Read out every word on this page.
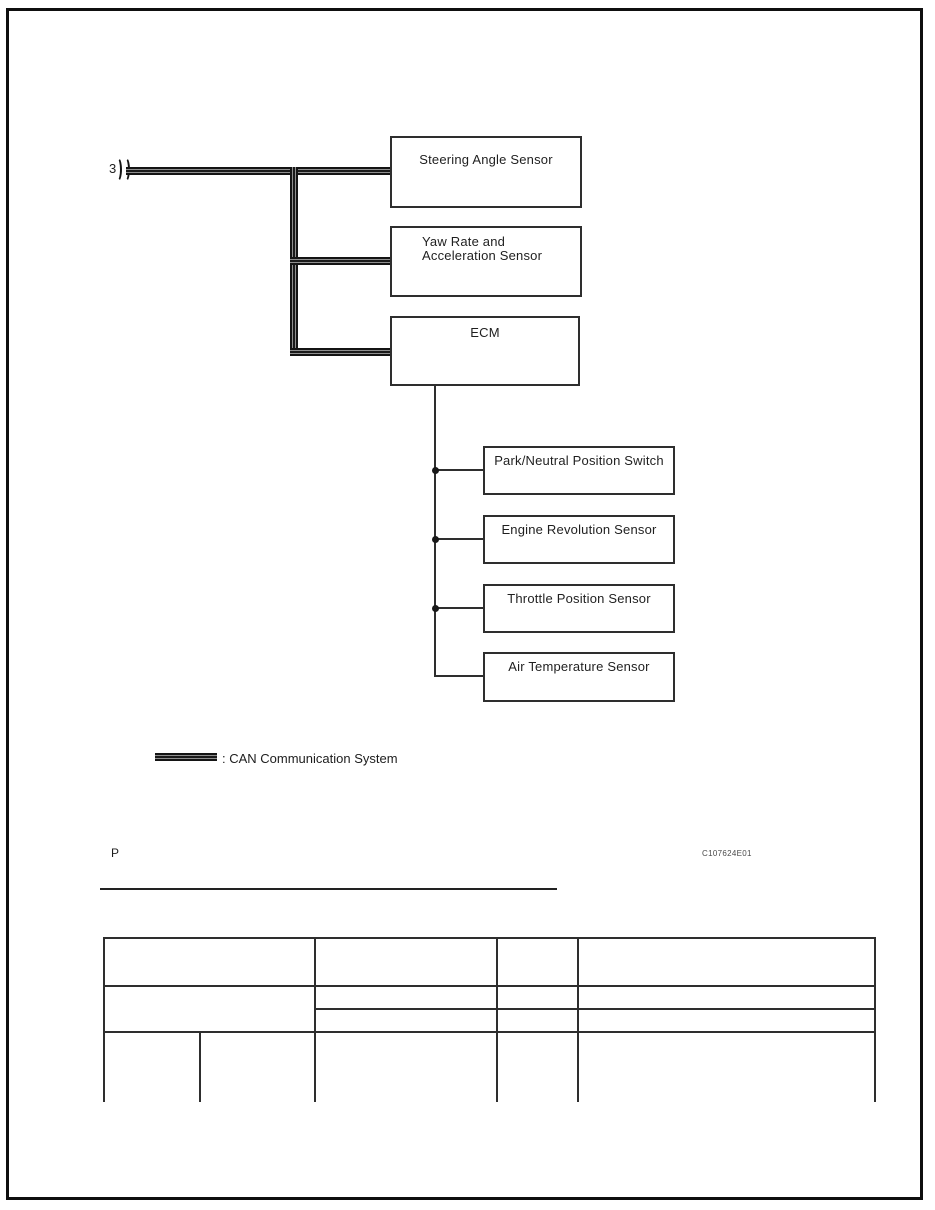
3
Steering Angle Sensor
Yaw Rate and
Acceleration Sensor
ECM
Park/Neutral Position Switch
Engine Revolution Sensor
Throttle Position Sensor
Air Temperature Sensor
: CAN Communication System
P	C107624E01
